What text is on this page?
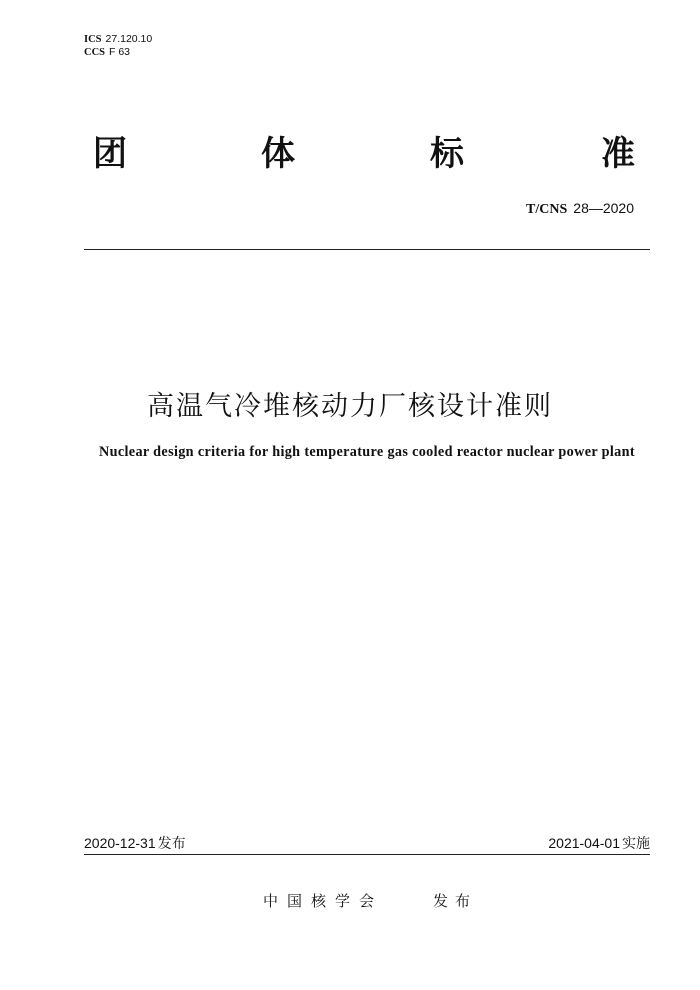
ICS 27.120.10
CCS F 63
团	体	标	准
T/CNS 28—2020
高温气冷堆核动力厂核设计准则
Nuclear design criteria for high temperature gas cooled reactor nuclear power plant
2020-12-31 发布	2021-04-01 实施
中国核学会	发布
